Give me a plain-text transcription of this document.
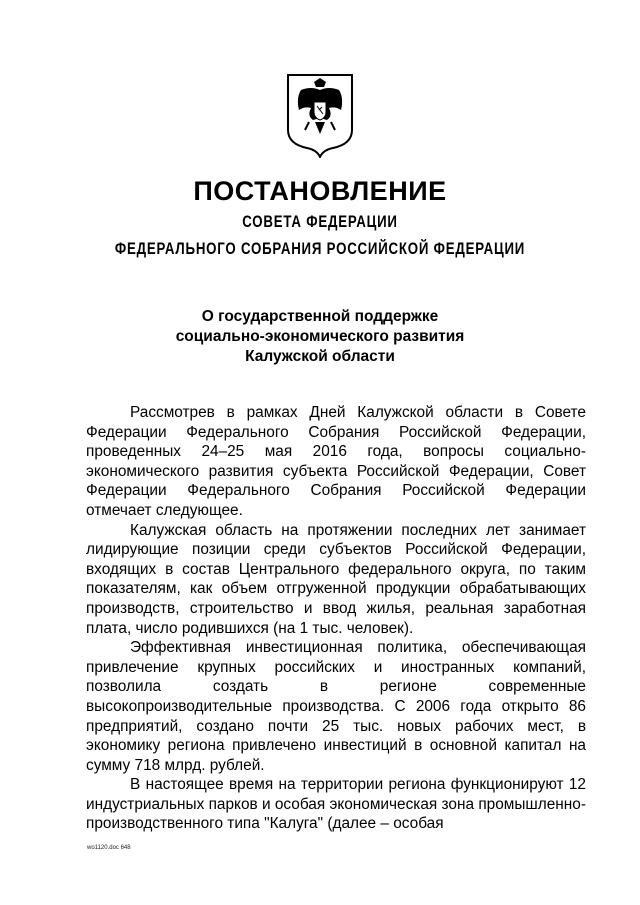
ПОСТАНОВЛЕНИЕ
СОВЕТА ФЕДЕРАЦИИ
ФЕДЕРАЛЬНОГО СОБРАНИЯ РОССИЙСКОЙ ФЕДЕРАЦИИ
О государственной поддержке
социально-экономического развития
Калужской области

Рассмотрев в рамках Дней Калужской области в Совете Федерации Федерального Собрания Российской Федерации, проведенных 24–25 мая 2016 года, вопросы социально-экономического развития субъекта Российской Федерации, Совет Федерации Федерального Собрания Российской Федерации отмечает следующее.

Калужская область на протяжении последних лет занимает лидирующие позиции среди субъектов Российской Федерации, входящих в состав Центрального федерального округа, по таким показателям, как объем отгруженной продукции обрабатывающих производств, строительство и ввод жилья, реальная заработная плата, число родившихся (на 1 тыс. человек).

Эффективная инвестиционная политика, обеспечивающая привлечение крупных российских и иностранных компаний, позволила создать в регионе современные высокопроизводительные производства. С 2006 года открыто 86 предприятий, создано почти 25 тыс. новых рабочих мест, в экономику региона привлечено инвестиций в основной капитал на сумму 718 млрд. рублей.

В настоящее время на территории региона функционируют 12 индустриальных парков и особая экономическая зона промышленно-производственного типа "Калуга" (далее – особая

wo1120.doc 648
